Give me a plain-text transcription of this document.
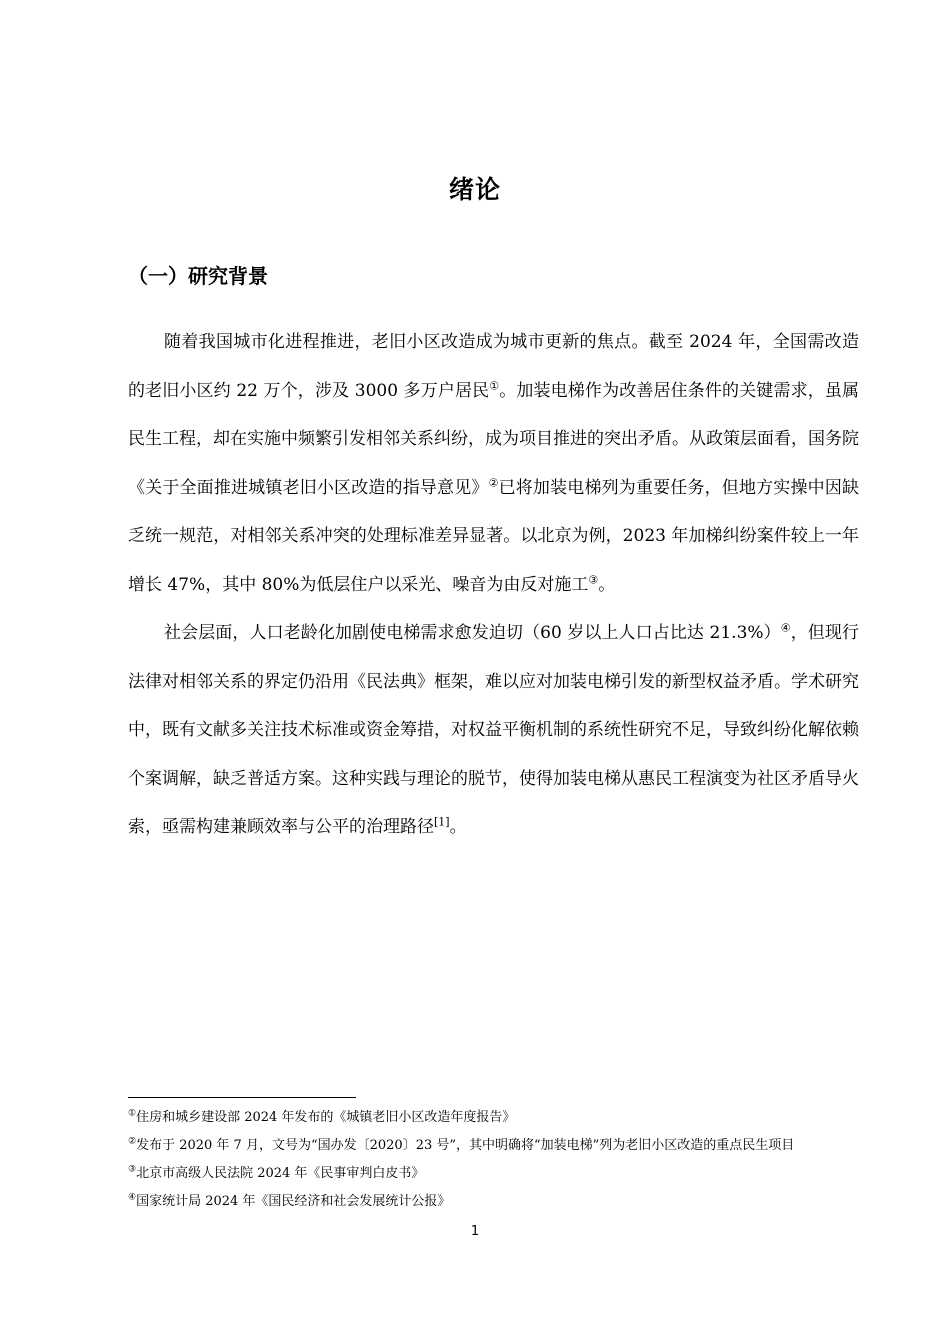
绪论
（一）研究背景

随着我国城市化进程推进，老旧小区改造成为城市更新的焦点。截至 2024 年，全国需改造的老旧小区约 22 万个，涉及 3000 多万户居民①。加装电梯作为改善居住条件的关键需求，虽属民生工程，却在实施中频繁引发相邻关系纠纷，成为项目推进的突出矛盾。从政策层面看，国务院《关于全面推进城镇老旧小区改造的指导意见》②已将加装电梯列为重要任务，但地方实操中因缺乏统一规范，对相邻关系冲突的处理标准差异显著。以北京为例，2023 年加梯纠纷案件较上一年增长 47%，其中 80%为低层住户以采光、噪音为由反对施工③。

社会层面，人口老龄化加剧使电梯需求愈发迫切（60 岁以上人口占比达 21.3%）④，但现行法律对相邻关系的界定仍沿用《民法典》框架，难以应对加装电梯引发的新型权益矛盾。学术研究中，既有文献多关注技术标准或资金筹措，对权益平衡机制的系统性研究不足，导致纠纷化解依赖个案调解，缺乏普适方案。这种实践与理论的脱节，使得加装电梯从惠民工程演变为社区矛盾导火索，亟需构建兼顾效率与公平的治理路径[1]。

①住房和城乡建设部 2024 年发布的《城镇老旧小区改造年度报告》

②发布于 2020 年 7 月，文号为“国办发〔2020〕23 号”，其中明确将“加装电梯”列为老旧小区改造的重点民生项目

③北京市高级人民法院 2024 年《民事审判白皮书》

④国家统计局 2024 年《国民经济和社会发展统计公报》

1
